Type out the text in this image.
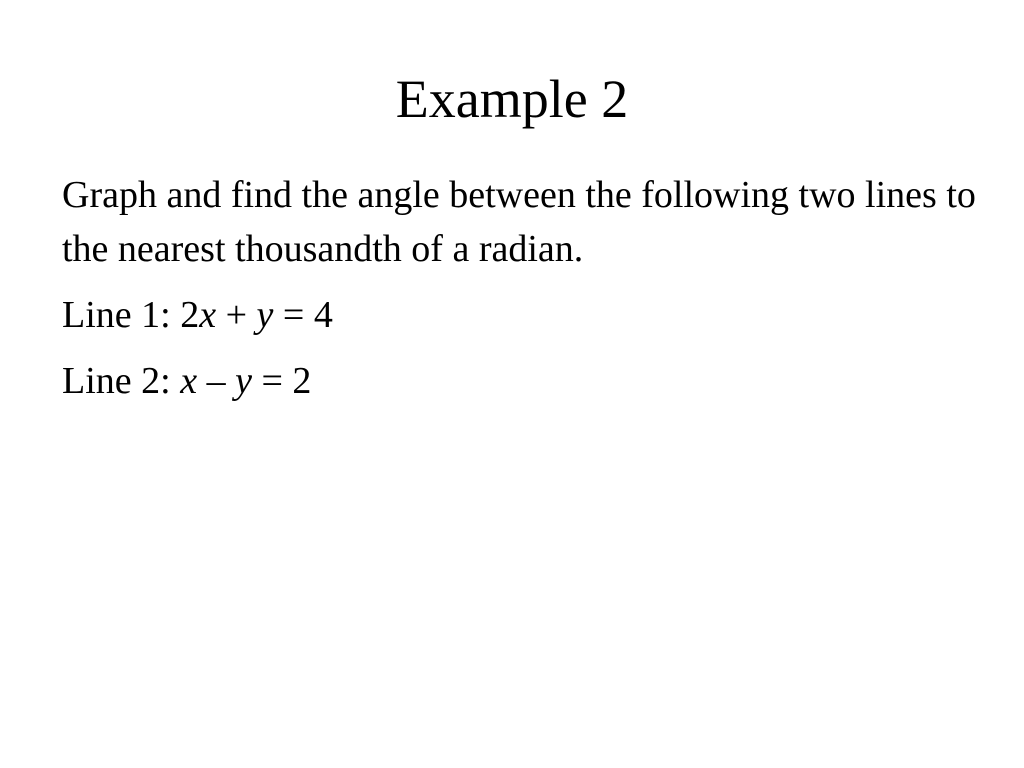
Example 2

Graph and find the angle between the following two lines to the nearest thousandth of a radian.

Line 1: 2x + y = 4

Line 2: x – y = 2
